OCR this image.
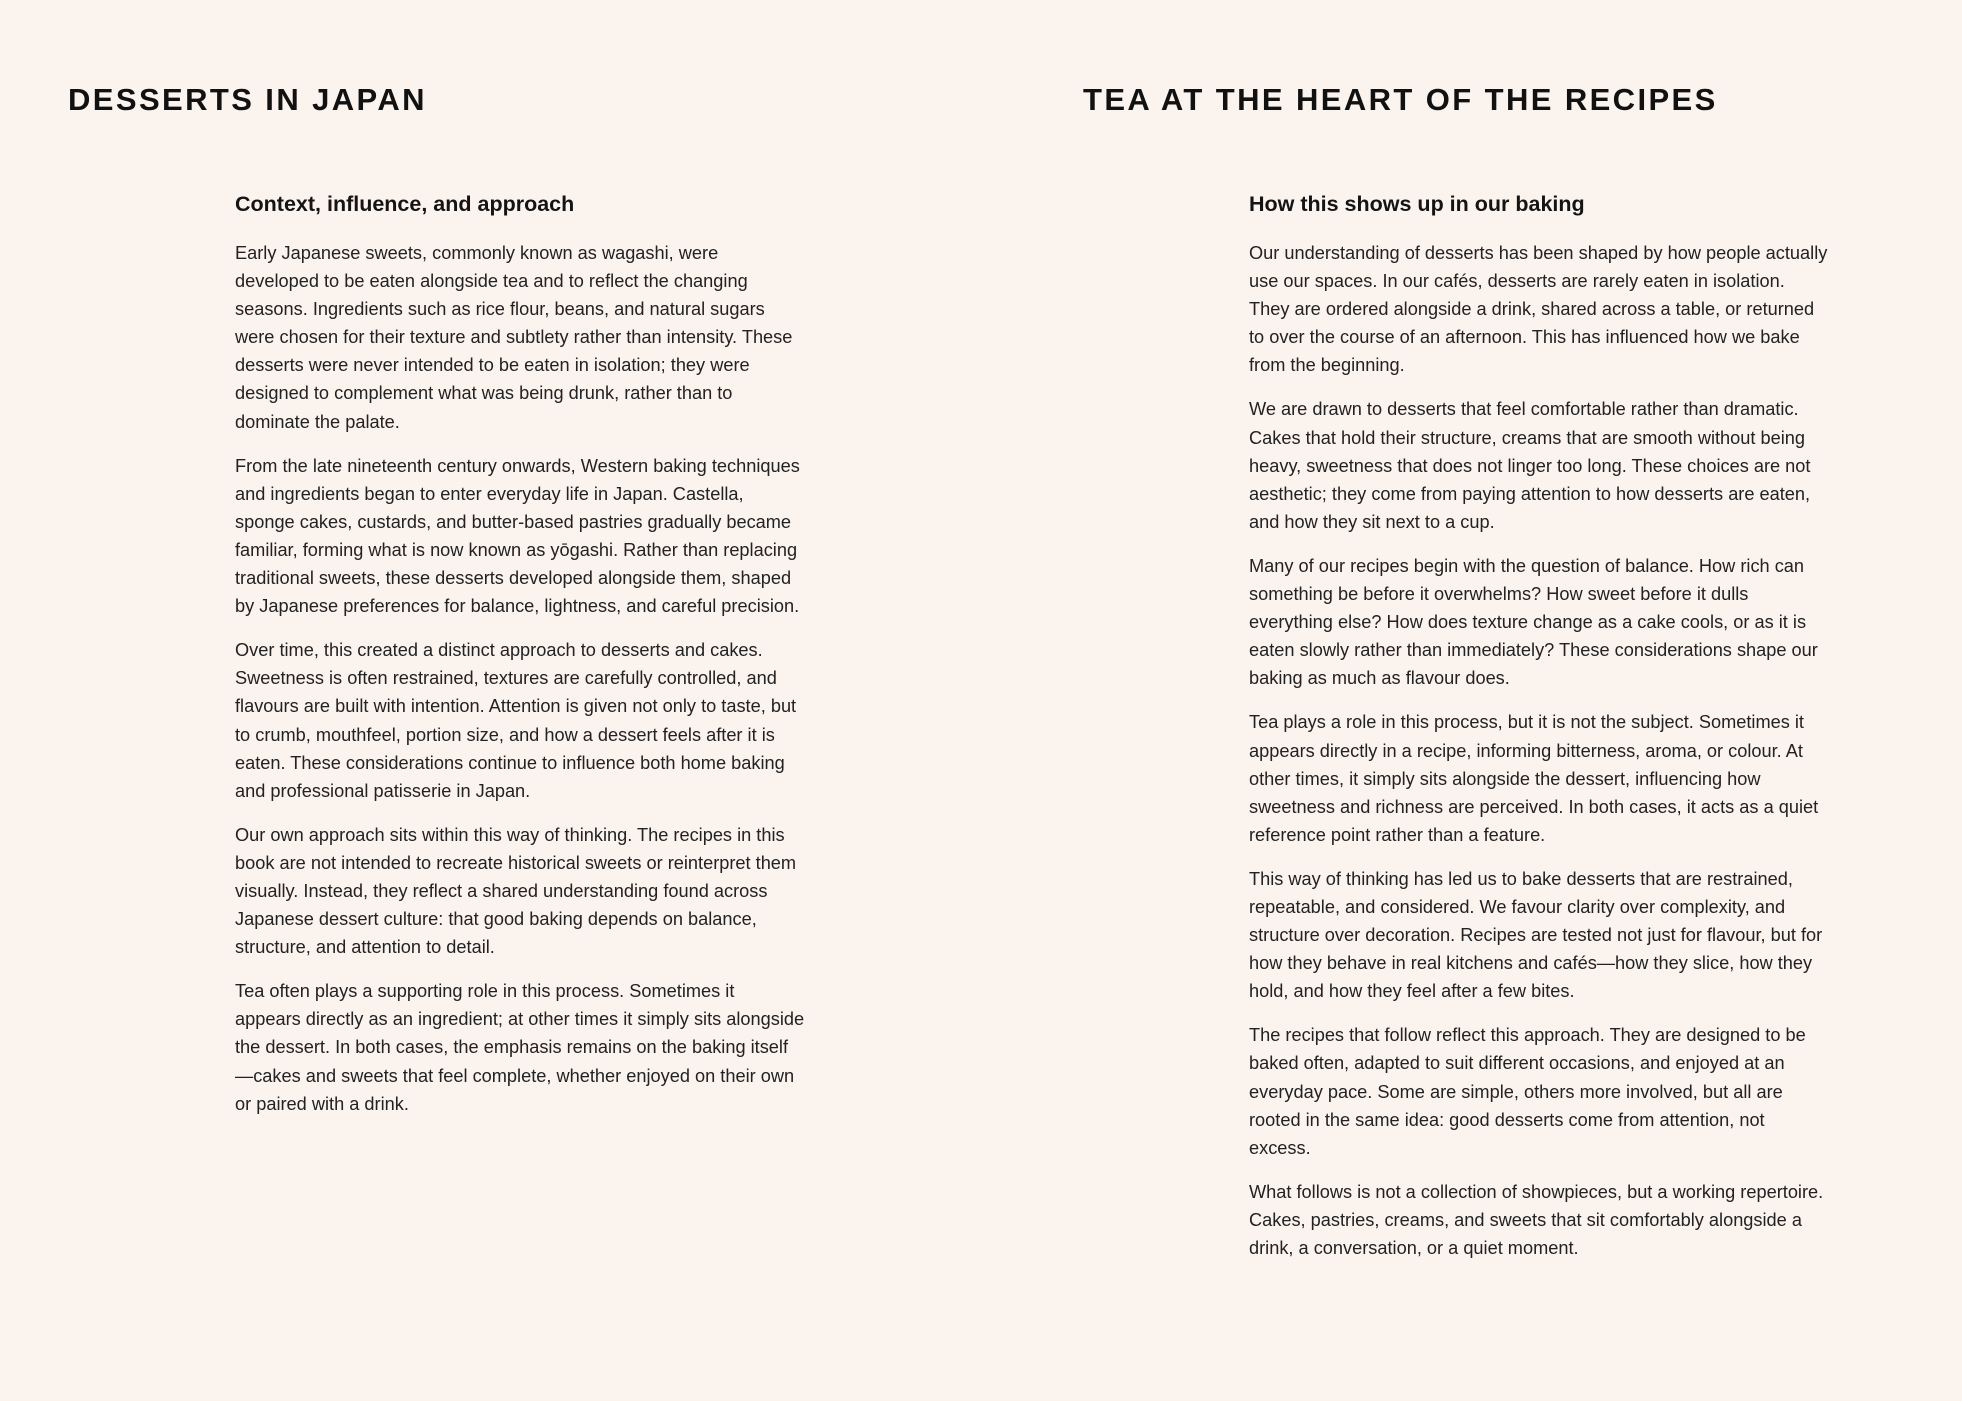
DESSERTS IN JAPAN
Context, influence, and approach

Early Japanese sweets, commonly known as wagashi, were developed to be eaten alongside tea and to reflect the changing seasons. Ingredients such as rice flour, beans, and natural sugars were chosen for their texture and subtlety rather than intensity. These desserts were never intended to be eaten in isolation; they were designed to complement what was being drunk, rather than to dominate the palate.

From the late nineteenth century onwards, Western baking techniques and ingredients began to enter everyday life in Japan. Castella, sponge cakes, custards, and butter-based pastries gradually became familiar, forming what is now known as yōgashi. Rather than replacing traditional sweets, these desserts developed alongside them, shaped by Japanese preferences for balance, lightness, and careful precision.

Over time, this created a distinct approach to desserts and cakes. Sweetness is often restrained, textures are carefully controlled, and flavours are built with intention. Attention is given not only to taste, but to crumb, mouthfeel, portion size, and how a dessert feels after it is eaten. These considerations continue to influence both home baking and professional patisserie in Japan.

Our own approach sits within this way of thinking. The recipes in this book are not intended to recreate historical sweets or reinterpret them visually. Instead, they reflect a shared understanding found across Japanese dessert culture: that good baking depends on balance, structure, and attention to detail.

Tea often plays a supporting role in this process. Sometimes it appears directly as an ingredient; at other times it simply sits alongside the dessert. In both cases, the emphasis remains on the baking itself—cakes and sweets that feel complete, whether enjoyed on their own or paired with a drink.

TEA AT THE HEART OF THE RECIPES
How this shows up in our baking

Our understanding of desserts has been shaped by how people actually use our spaces. In our cafés, desserts are rarely eaten in isolation. They are ordered alongside a drink, shared across a table, or returned to over the course of an afternoon. This has influenced how we bake from the beginning.

We are drawn to desserts that feel comfortable rather than dramatic. Cakes that hold their structure, creams that are smooth without being heavy, sweetness that does not linger too long. These choices are not aesthetic; they come from paying attention to how desserts are eaten, and how they sit next to a cup.

Many of our recipes begin with the question of balance. How rich can something be before it overwhelms? How sweet before it dulls everything else? How does texture change as a cake cools, or as it is eaten slowly rather than immediately? These considerations shape our baking as much as flavour does.

Tea plays a role in this process, but it is not the subject. Sometimes it appears directly in a recipe, informing bitterness, aroma, or colour. At other times, it simply sits alongside the dessert, influencing how sweetness and richness are perceived. In both cases, it acts as a quiet reference point rather than a feature.

This way of thinking has led us to bake desserts that are restrained, repeatable, and considered. We favour clarity over complexity, and structure over decoration. Recipes are tested not just for flavour, but for how they behave in real kitchens and cafés—how they slice, how they hold, and how they feel after a few bites.

The recipes that follow reflect this approach. They are designed to be baked often, adapted to suit different occasions, and enjoyed at an everyday pace. Some are simple, others more involved, but all are rooted in the same idea: good desserts come from attention, not excess.

What follows is not a collection of showpieces, but a working repertoire. Cakes, pastries, creams, and sweets that sit comfortably alongside a drink, a conversation, or a quiet moment.
